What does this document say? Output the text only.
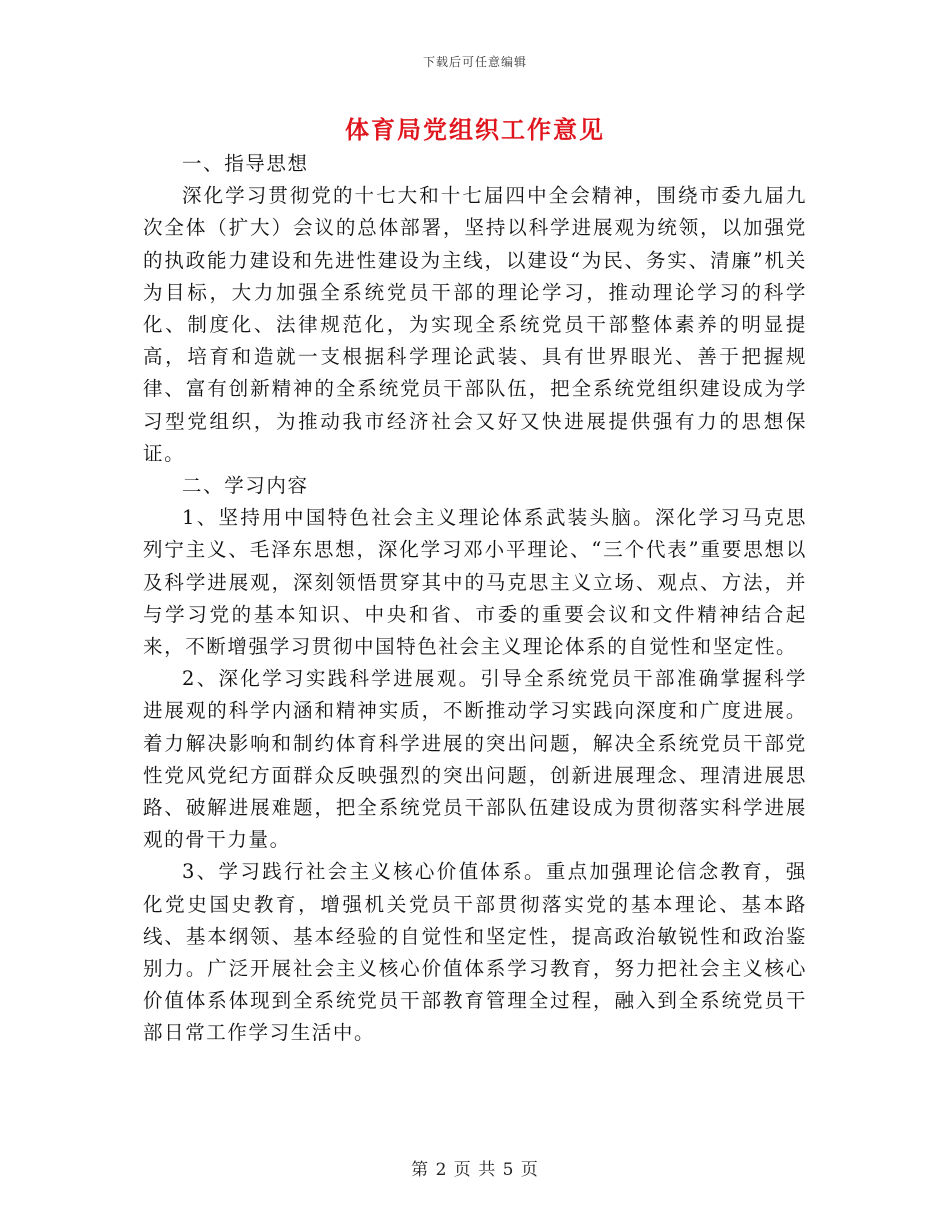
下载后可任意编辑
体育局党组织工作意见

一、指导思想

深化学习贯彻党的十七大和十七届四中全会精神，围绕市委九届九次全体（扩大）会议的总体部署，坚持以科学进展观为统领，以加强党的执政能力建设和先进性建设为主线，以建设“为民、务实、清廉”机关为目标，大力加强全系统党员干部的理论学习，推动理论学习的科学化、制度化、法律规范化，为实现全系统党员干部整体素养的明显提高，培育和造就一支根据科学理论武装、具有世界眼光、善于把握规律、富有创新精神的全系统党员干部队伍，把全系统党组织建设成为学习型党组织，为推动我市经济社会又好又快进展提供强有力的思想保证。

二、学习内容

1、坚持用中国特色社会主义理论体系武装头脑。深化学习马克思列宁主义、毛泽东思想，深化学习邓小平理论、“三个代表”重要思想以及科学进展观，深刻领悟贯穿其中的马克思主义立场、观点、方法，并与学习党的基本知识、中央和省、市委的重要会议和文件精神结合起来，不断增强学习贯彻中国特色社会主义理论体系的自觉性和坚定性。

2、深化学习实践科学进展观。引导全系统党员干部准确掌握科学进展观的科学内涵和精神实质，不断推动学习实践向深度和广度进展。着力解决影响和制约体育科学进展的突出问题，解决全系统党员干部党性党风党纪方面群众反映强烈的突出问题，创新进展理念、理清进展思路、破解进展难题，把全系统党员干部队伍建设成为贯彻落实科学进展观的骨干力量。

3、学习践行社会主义核心价值体系。重点加强理论信念教育，强化党史国史教育，增强机关党员干部贯彻落实党的基本理论、基本路线、基本纲领、基本经验的自觉性和坚定性，提高政治敏锐性和政治鉴别力。广泛开展社会主义核心价值体系学习教育，努力把社会主义核心价值体系体现到全系统党员干部教育管理全过程，融入到全系统党员干部日常工作学习生活中。

第 2 页 共 5 页
